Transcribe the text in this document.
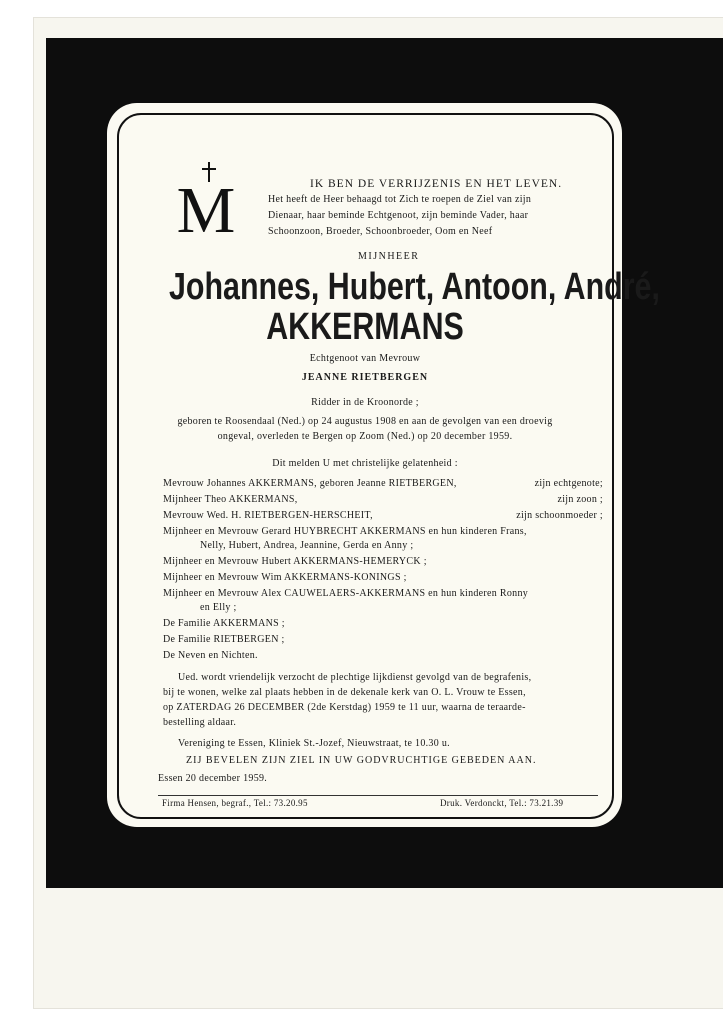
M	IK BEN DE VERRIJZENIS EN HET LEVEN.
Het heeft de Heer behaagd tot Zich te roepen de Ziel van zijn
Dienaar, haar beminde Echtgenoot, zijn beminde Vader, haar
Schoonzoon, Broeder, Schoonbroeder, Oom en Neef
MIJNHEER
Johannes, Hubert, Antoon, André,
AKKERMANS
Echtgenoot van Mevrouw
JEANNE RIETBERGEN
Ridder in de Kroonorde ;
geboren te Roosendaal (Ned.) op 24 augustus 1908 en aan de gevolgen van een droevig
ongeval, overleden te Bergen op Zoom (Ned.) op 20 december 1959.
Dit melden U met christelijke gelatenheid :
Mevrouw Johannes AKKERMANS, geboren Jeanne RIETBERGEN,	zijn echtgenote;
Mijnheer Theo AKKERMANS,	zijn zoon ;
Mevrouw Wed. H. RIETBERGEN-HERSCHEIT,	zijn schoonmoeder ;
Mijnheer en Mevrouw Gerard HUYBRECHT AKKERMANS en hun kinderen Frans,
Nelly, Hubert, Andrea, Jeannine, Gerda en Anny ;
Mijnheer en Mevrouw Hubert AKKERMANS-HEMERYCK ;
Mijnheer en Mevrouw Wim AKKERMANS-KONINGS ;
Mijnheer en Mevrouw Alex CAUWELAERS-AKKERMANS en hun kinderen Ronny
en Elly ;
De Familie AKKERMANS ;
De Familie RIETBERGEN ;
De Neven en Nichten.
Ued. wordt vriendelijk verzocht de plechtige lijkdienst gevolgd van de begrafenis,
bij te wonen, welke zal plaats hebben in de dekenale kerk van O. L. Vrouw te Essen,
op ZATERDAG 26 DECEMBER (2de Kerstdag) 1959 te 11 uur, waarna de teraarde-
bestelling aldaar.
Vereniging te Essen, Kliniek St.-Jozef, Nieuwstraat, te 10.30 u.
ZIJ BEVELEN ZIJN ZIEL IN UW GODVRUCHTIGE GEBEDEN AAN.
Essen 20 december 1959.
Firma Hensen, begraf., Tel.: 73.20.95	Druk. Verdonckt, Tel.: 73.21.39
